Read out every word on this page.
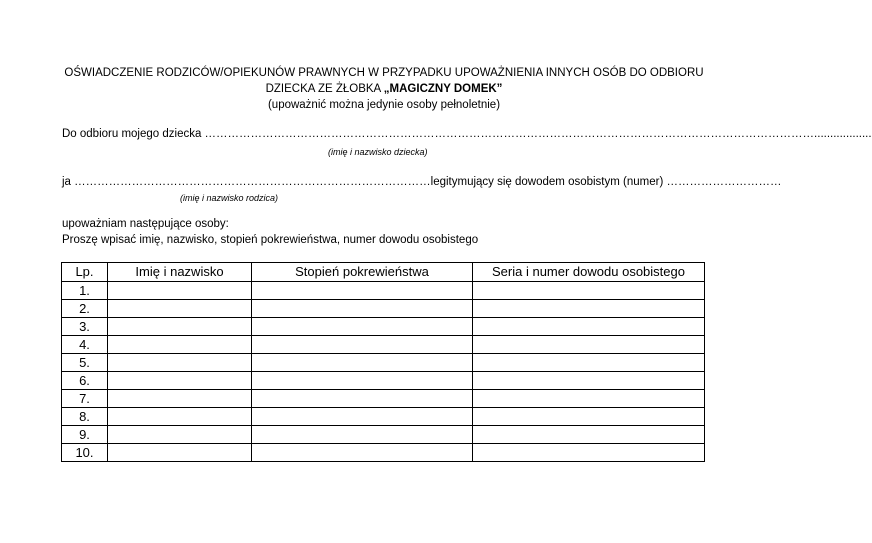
OŚWIADCZENIE RODZICÓW/OPIEKUNÓW PRAWNYCH W PRZYPADKU UPOWAŻNIENIA INNYCH OSÓB DO ODBIORU
DZIECKA ZE ŻŁOBKA „MAGICZNY DOMEK”
(upoważnić można jedynie osoby pełnoletnie)
Do odbioru mojego dziecka ……………………………………………………………………………………………………………………………………………..................
(imię i nazwisko dziecka)
ja …………………………………………………………………………………legitymujący się dowodem osobistym (numer) …………………………
(imię i nazwisko rodzica)
upoważniam następujące osoby:
Proszę wpisać imię, nazwisko, stopień pokrewieństwa, numer dowodu osobistego
Lp.	Imię i nazwisko	Stopień pokrewieństwa	Seria i numer dowodu osobistego
1.			
2.			
3.			
4.			
5.			
6.			
7.			
8.			
9.			
10.			
